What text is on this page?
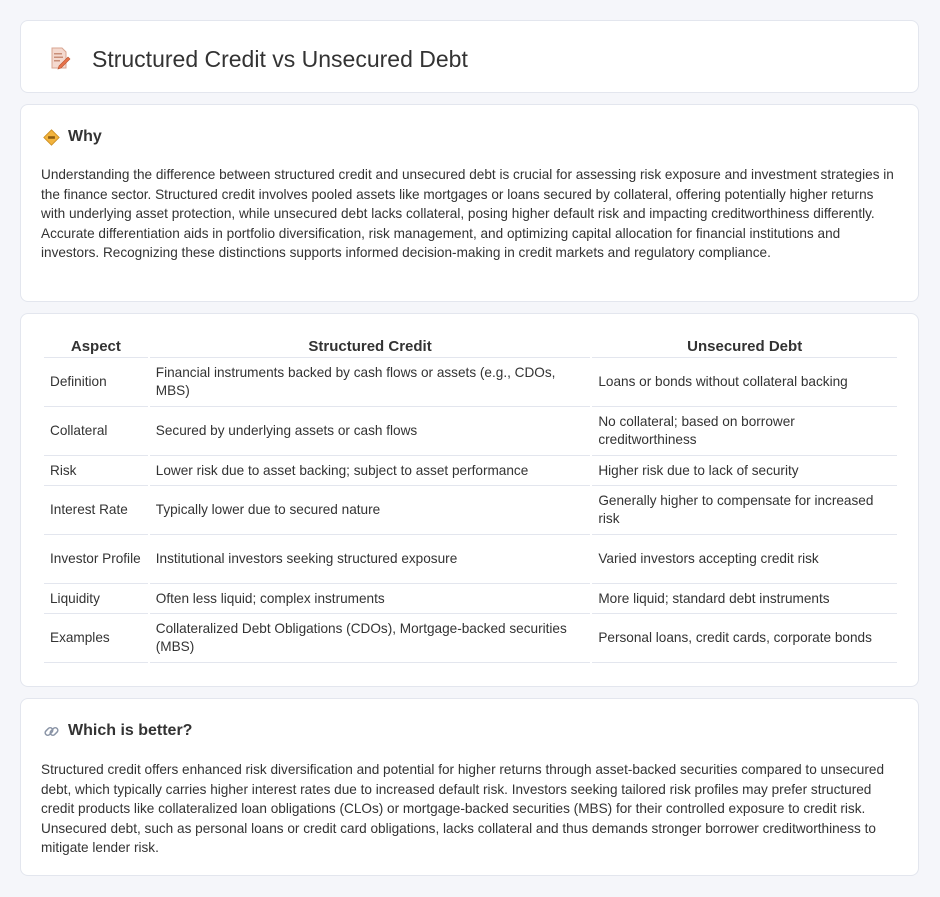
Structured Credit vs Unsecured Debt
Why

Understanding the difference between structured credit and unsecured debt is crucial for assessing risk exposure and investment strategies in the finance sector. Structured credit involves pooled assets like mortgages or loans secured by collateral, offering potentially higher returns with underlying asset protection, while unsecured debt lacks collateral, posing higher default risk and impacting creditworthiness differently. Accurate differentiation aids in portfolio diversification, risk management, and optimizing capital allocation for financial institutions and investors. Recognizing these distinctions supports informed decision-making in credit markets and regulatory compliance.

Aspect	Structured Credit	Unsecured Debt
Definition	Financial instruments backed by cash flows or assets (e.g., CDOs, MBS)	Loans or bonds without collateral backing
Collateral	Secured by underlying assets or cash flows	No collateral; based on borrower creditworthiness
Risk	Lower risk due to asset backing; subject to asset performance	Higher risk due to lack of security
Interest Rate	Typically lower due to secured nature	Generally higher to compensate for increased risk
Investor Profile	Institutional investors seeking structured exposure	Varied investors accepting credit risk
Liquidity	Often less liquid; complex instruments	More liquid; standard debt instruments
Examples	Collateralized Debt Obligations (CDOs), Mortgage-backed securities (MBS)	Personal loans, credit cards, corporate bonds
Which is better?

Structured credit offers enhanced risk diversification and potential for higher returns through asset-backed securities compared to unsecured debt, which typically carries higher interest rates due to increased default risk. Investors seeking tailored risk profiles may prefer structured credit products like collateralized loan obligations (CLOs) or mortgage-backed securities (MBS) for their controlled exposure to credit risk. Unsecured debt, such as personal loans or credit card obligations, lacks collateral and thus demands stronger borrower creditworthiness to mitigate lender risk.
